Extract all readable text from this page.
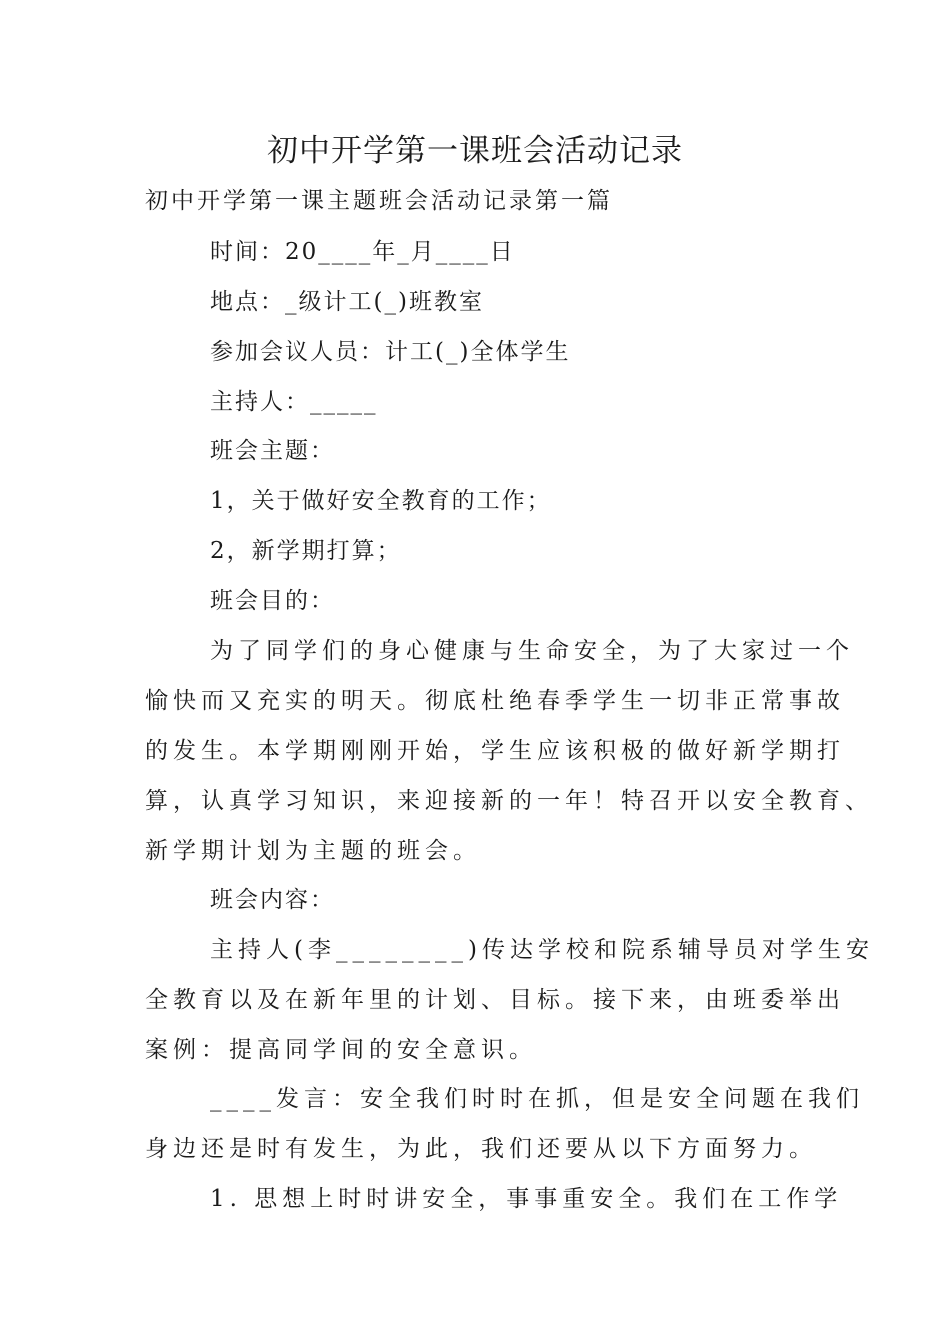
初中开学第一课班会活动记录
初中开学第一课主题班会活动记录第一篇
时间：20____年_月____日
地点：_级计工(_)班教室
参加会议人员：计工(_)全体学生
主持人：_____
班会主题：
1，关于做好安全教育的工作；
2，新学期打算；
班会目的：
为了同学们的身心健康与生命安全，为了大家过一个
愉快而又充实的明天。彻底杜绝春季学生一切非正常事故
的发生。本学期刚刚开始，学生应该积极的做好新学期打
算，认真学习知识，来迎接新的一年！特召开以安全教育、
新学期计划为主题的班会。
班会内容：
主持人(李________)传达学校和院系辅导员对学生安
全教育以及在新年里的计划、目标。接下来，由班委举出
案例：提高同学间的安全意识。
____发言：安全我们时时在抓，但是安全问题在我们
身边还是时有发生，为此，我们还要从以下方面努力。
1. 思想上时时讲安全，事事重安全。我们在工作学
